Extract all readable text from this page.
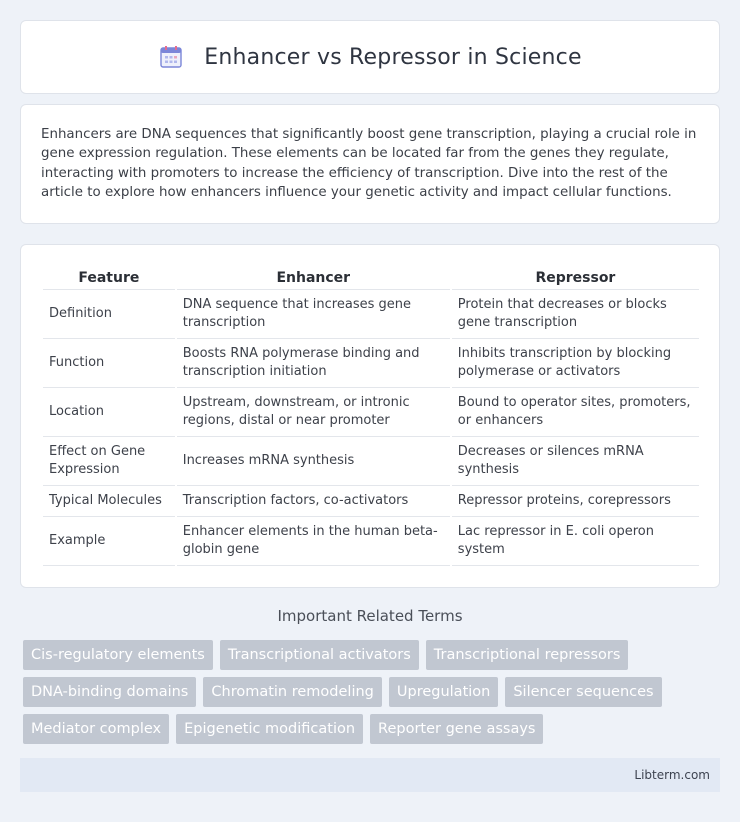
Enhancer vs Repressor in Science

Enhancers are DNA sequences that significantly boost gene transcription, playing a crucial role in gene expression regulation. These elements can be located far from the genes they regulate, interacting with promoters to increase the efficiency of transcription. Dive into the rest of the article to explore how enhancers influence your genetic activity and impact cellular functions.

Feature	Enhancer	Repressor
Definition	DNA sequence that increases gene transcription	Protein that decreases or blocks gene transcription
Function	Boosts RNA polymerase binding and transcription initiation	Inhibits transcription by blocking polymerase or activators
Location	Upstream, downstream, or intronic regions, distal or near promoter	Bound to operator sites, promoters, or enhancers
Effect on Gene Expression	Increases mRNA synthesis	Decreases or silences mRNA synthesis
Typical Molecules	Transcription factors, co-activators	Repressor proteins, corepressors
Example	Enhancer elements in the human beta-globin gene	Lac repressor in E. coli operon system
Important Related Terms
Cis-regulatory elements	Transcriptional activators	Transcriptional repressors
DNA-binding domains	Chromatin remodeling	Upregulation	Silencer sequences
Mediator complex	Epigenetic modification	Reporter gene assays
Libterm.com
